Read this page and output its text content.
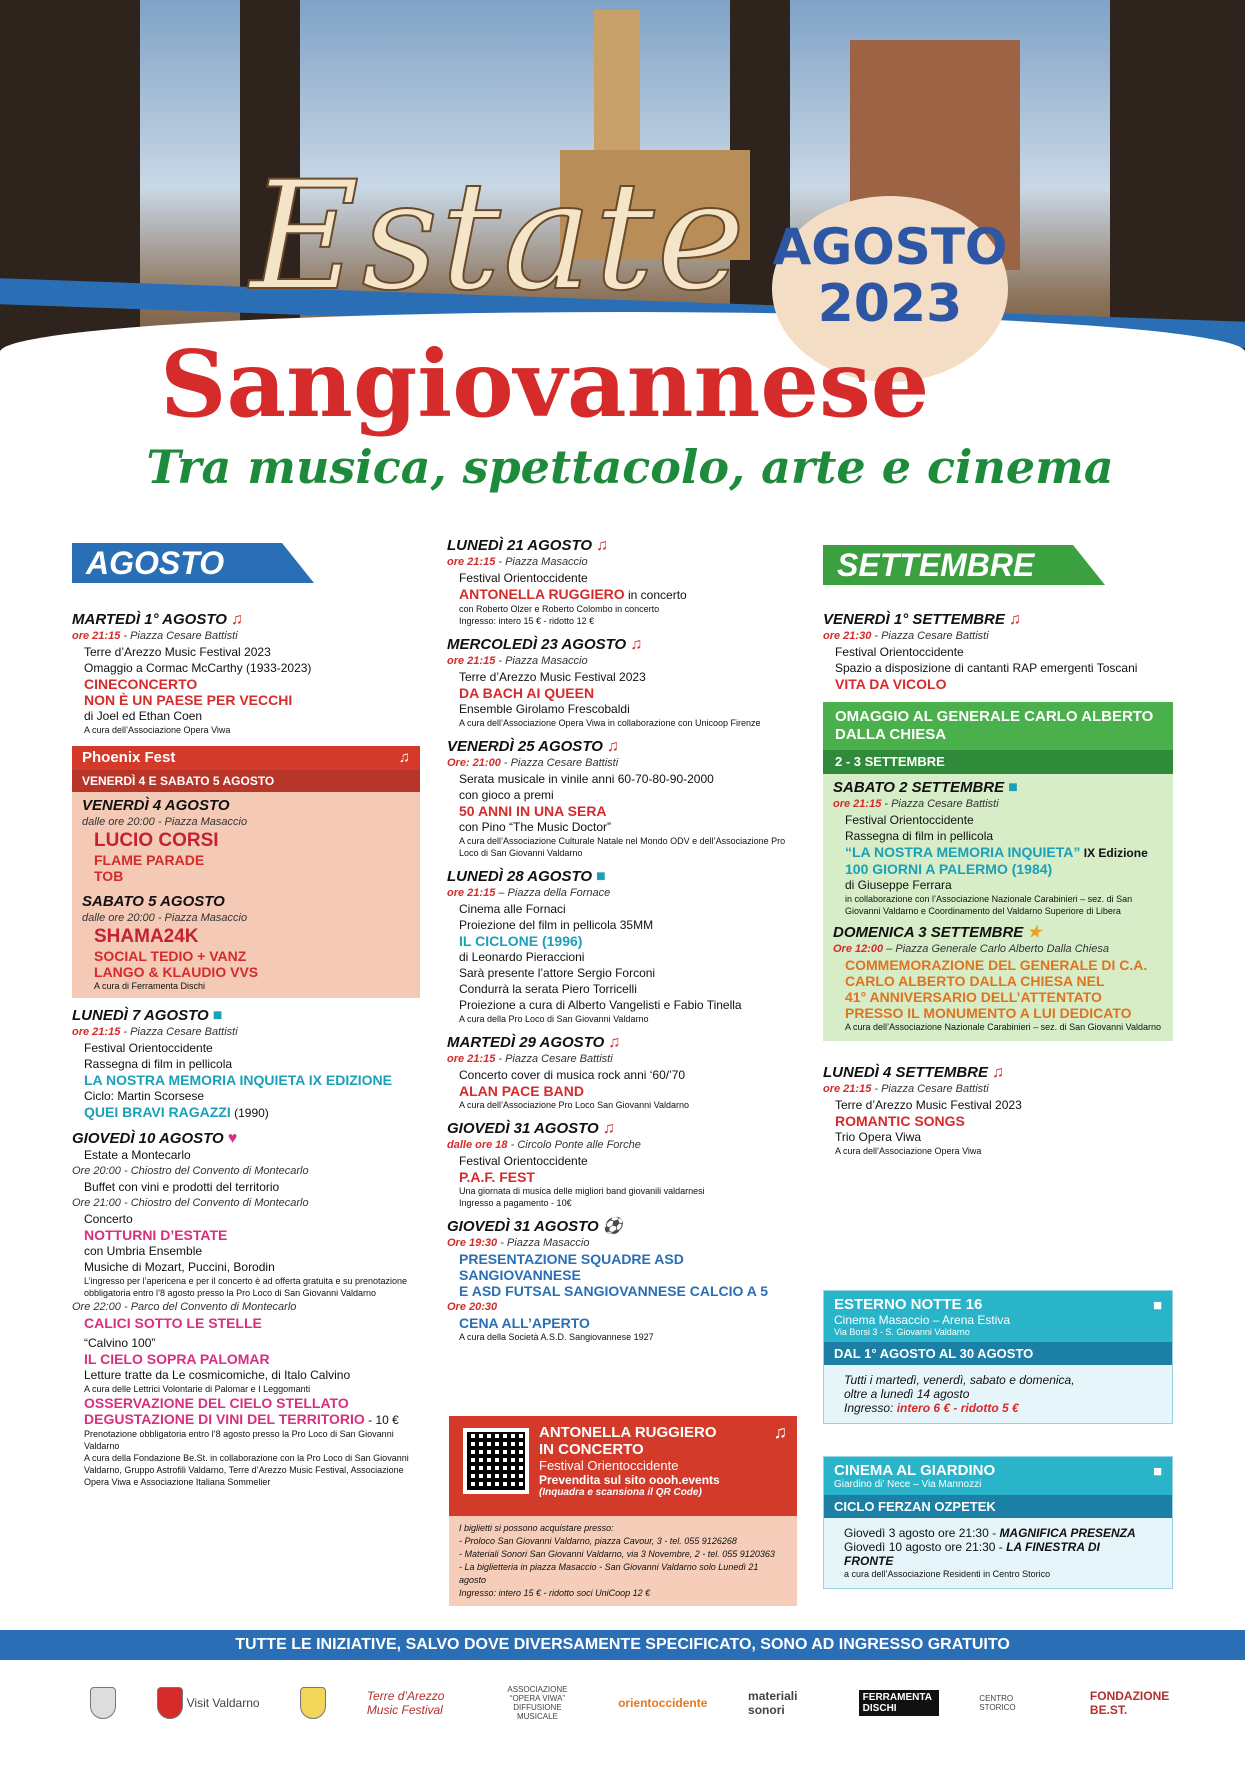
Estate AGOSTO
2023
Sangiovannese
Tra musica, spettacolo, arte e cinema
AGOSTO	SETTEMBRE
MARTEDÌ 1° AGOSTO ♫
ore 21:15 - Piazza Cesare Battisti
Terre d’Arezzo Music Festival 2023
Omaggio a Cormac McCarthy (1933-2023)
CINECONCERTO
NON È UN PAESE PER VECCHI
di Joel ed Ethan Coen
A cura dell’Associazione Opera Viwa
Phoenix Fest	♫
VENERDÌ 4 E SABATO 5 AGOSTO
VENERDÌ 4 AGOSTO
dalle ore 20:00 - Piazza Masaccio
LUCIO CORSI
FLAME PARADE
TOB
SABATO 5 AGOSTO
dalle ore 20:00 - Piazza Masaccio
SHAMA24K
SOCIAL TEDIO + VANZ
LANGO & KLAUDIO VVS
A cura di Ferramenta Dischi
LUNEDÌ 7 AGOSTO ■
ore 21:15 - Piazza Cesare Battisti
Festival Orientoccidente
Rassegna di film in pellicola
LA NOSTRA MEMORIA INQUIETA IX EDIZIONE
Ciclo: Martin Scorsese
QUEI BRAVI RAGAZZI (1990)
GIOVEDÌ 10 AGOSTO ♥
Estate a Montecarlo
Ore 20:00 - Chiostro del Convento di Montecarlo
Buffet con vini e prodotti del territorio
Ore 21:00 - Chiostro del Convento di Montecarlo
Concerto
NOTTURNI D’ESTATE
con Umbria Ensemble
Musiche di Mozart, Puccini, Borodin
L’ingresso per l’apericena e per il concerto è ad offerta gratuita e su prenotazione obbligatoria entro l’8 agosto presso la Pro Loco di San Giovanni Valdarno
Ore 22:00 - Parco del Convento di Montecarlo
CALICI SOTTO LE STELLE
“Calvino 100”
IL CIELO SOPRA PALOMAR
Letture tratte da Le cosmicomiche, di Italo Calvino
A cura delle Lettrici Volontarie di Palomar e I Leggomanti
OSSERVAZIONE DEL CIELO STELLATO
DEGUSTAZIONE DI VINI DEL TERRITORIO - 10 €
Prenotazione obbligatoria entro l’8 agosto presso la Pro Loco di San Giovanni Valdarno
A cura della Fondazione Be.St. in collaborazione con la Pro Loco di San Giovanni Valdarno, Gruppo Astrofili Valdarno, Terre d’Arezzo Music Festival, Associazione Opera Viwa e Associazione Italiana Sommelier
LUNEDÌ 21 AGOSTO ♫
ore 21:15 - Piazza Masaccio
Festival Orientoccidente
ANTONELLA RUGGIERO in concerto
con Roberto Olzer e Roberto Colombo in concerto
Ingresso: intero 15 € - ridotto 12 €
MERCOLEDÌ 23 AGOSTO ♫
ore 21:15 - Piazza Masaccio
Terre d’Arezzo Music Festival 2023
DA BACH AI QUEEN
Ensemble Girolamo Frescobaldi
A cura dell’Associazione Opera Viwa in collaborazione con Unicoop Firenze
VENERDÌ 25 AGOSTO ♫
Ore: 21:00 - Piazza Cesare Battisti
Serata musicale in vinile anni 60-70-80-90-2000
con gioco a premi
50 ANNI IN UNA SERA
con Pino “The Music Doctor”
A cura dell’Associazione Culturale Natale nel Mondo ODV e dell’Associazione Pro Loco di San Giovanni Valdarno
LUNEDÌ 28 AGOSTO ■
ore 21:15 – Piazza della Fornace
Cinema alle Fornaci
Proiezione del film in pellicola 35MM
IL CICLONE (1996)
di Leonardo Pieraccioni
Sarà presente l’attore Sergio Forconi
Condurrà la serata Piero Torricelli
Proiezione a cura di Alberto Vangelisti e Fabio Tinella
A cura della Pro Loco di San Giovanni Valdarno
MARTEDÌ 29 AGOSTO ♫
ore 21:15 - Piazza Cesare Battisti
Concerto cover di musica rock anni ‘60/’70
ALAN PACE BAND
A cura dell’Associazione Pro Loco San Giovanni Valdarno
GIOVEDÌ 31 AGOSTO ♫
dalle ore 18 - Circolo Ponte alle Forche
Festival Orientoccidente
P.A.F. FEST
Una giornata di musica delle migliori band giovanili valdarnesi
Ingresso a pagamento - 10€
GIOVEDÌ 31 AGOSTO ⚽
Ore 19:30 - Piazza Masaccio
PRESENTAZIONE SQUADRE ASD SANGIOVANNESE
E ASD FUTSAL SANGIOVANNESE CALCIO A 5
Ore 20:30
CENA ALL’APERTO
A cura della Società A.S.D. Sangiovannese 1927
ANTONELLA RUGGIERO
IN CONCERTO
Festival Orientoccidente
Prevendita sul sito oooh.events
(Inquadra e scansiona il QR Code)
♫
I biglietti si possono acquistare presso:
- Proloco San Giovanni Valdarno, piazza Cavour, 3 - tel. 055 9126268
- Materiali Sonori San Giovanni Valdarno, via 3 Novembre, 2 - tel. 055 9120363
- La biglietteria in piazza Masaccio - San Giovanni Valdarno solo Lunedì 21 agosto
Ingresso: intero 15 € - ridotto soci UniCoop 12 €
VENERDÌ 1° SETTEMBRE ♫
ore 21:30 - Piazza Cesare Battisti
Festival Orientoccidente
Spazio a disposizione di cantanti RAP emergenti Toscani
VITA DA VICOLO
OMAGGIO AL GENERALE CARLO ALBERTO DALLA CHIESA
2 - 3 SETTEMBRE
SABATO 2 SETTEMBRE ■
ore 21:15 - Piazza Cesare Battisti
Festival Orientoccidente
Rassegna di film in pellicola
“LA NOSTRA MEMORIA INQUIETA” IX Edizione
100 GIORNI A PALERMO (1984)
di Giuseppe Ferrara
in collaborazione con l’Associazione Nazionale Carabinieri – sez. di San Giovanni Valdarno e Coordinamento del Valdarno Superiore di Libera
DOMENICA 3 SETTEMBRE ★
Ore 12:00 – Piazza Generale Carlo Alberto Dalla Chiesa
COMMEMORAZIONE DEL GENERALE DI C.A.
CARLO ALBERTO DALLA CHIESA NEL
41° ANNIVERSARIO DELL’ATTENTATO
PRESSO IL MONUMENTO A LUI DEDICATO
A cura dell’Associazione Nazionale Carabinieri – sez. di San Giovanni Valdarno
LUNEDÌ 4 SETTEMBRE ♫
ore 21:15 - Piazza Cesare Battisti
Terre d’Arezzo Music Festival 2023
ROMANTIC SONGS
Trio Opera Viwa
A cura dell’Associazione Opera Viwa
ESTERNO NOTTE 16
Cinema Masaccio – Arena Estiva
Via Borsi 3 - S. Giovanni Valdarno
■
DAL 1° AGOSTO AL 30 AGOSTO
Tutti i martedì, venerdì, sabato e domenica,
oltre a lunedì 14 agosto
Ingresso: intero 6 € - ridotto 5 €
CINEMA AL GIARDINO
Giardino di’ Nece – Via Mannozzi
■
CICLO FERZAN OZPETEK
Giovedì 3 agosto ore 21:30 - MAGNIFICA PRESENZA
Giovedì 10 agosto ore 21:30 - LA FINESTRA DI FRONTE
a cura dell’Associazione Residenti in Centro Storico
TUTTE LE INIZIATIVE, SALVO DOVE DIVERSAMENTE SPECIFICATO, SONO AD INGRESSO GRATUITO
Visit Valdarno	Terre d’Arezzo Music Festival
ASSOCIAZIONE “OPERA VIWA” DIFFUSIONE MUSICALE
orientoccidente	materiali sonori
FERRAMENTA DISCHI
CENTRO STORICO
FONDAZIONE BE.ST.
